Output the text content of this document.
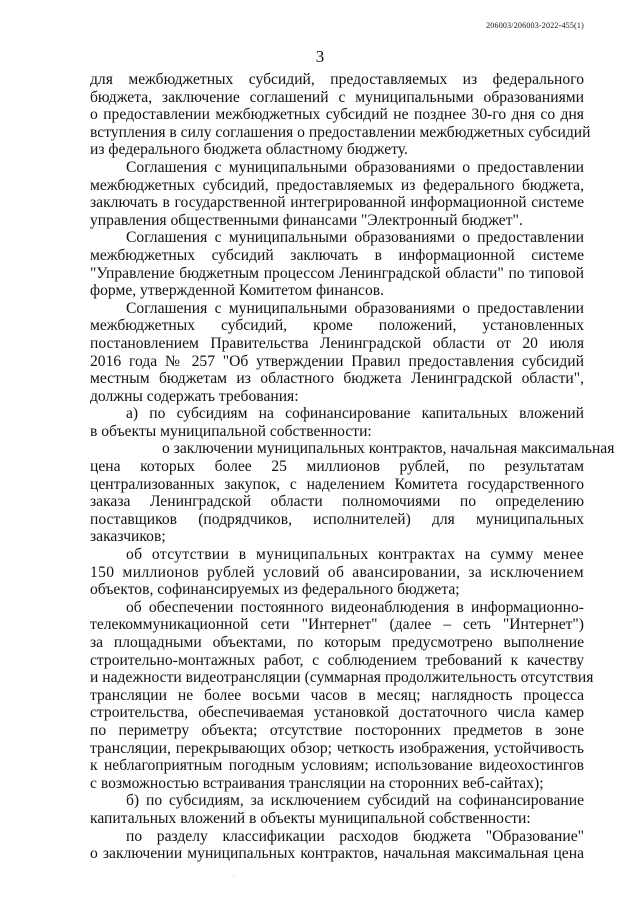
206003/206003-2022-455(1)
3
для межбюджетных субсидий, предоставляемых из федерального
бюджета, заключение соглашений с муниципальными образованиями
о предоставлении межбюджетных субсидий не позднее 30-го дня со дня
вступления в силу соглашения о предоставлении межбюджетных субсидий
из федерального бюджета областному бюджету.
Соглашения с муниципальными образованиями о предоставлении
межбюджетных субсидий, предоставляемых из федерального бюджета,
заключать в государственной интегрированной информационной системе
управления общественными финансами "Электронный бюджет".
Соглашения с муниципальными образованиями о предоставлении
межбюджетных субсидий заключать в информационной системе
"Управление бюджетным процессом Ленинградской области" по типовой
форме, утвержденной Комитетом финансов.
Соглашения с муниципальными образованиями о предоставлении
межбюджетных субсидий, кроме положений, установленных
постановлением Правительства Ленинградской области от 20 июля
2016 года № 257 "Об утверждении Правил предоставления субсидий
местным бюджетам из областного бюджета Ленинградской области",
должны содержать требования:
а) по субсидиям на софинансирование капитальных вложений
в объекты муниципальной собственности:
о заключении муниципальных контрактов, начальная максимальная
цена которых более 25 миллионов рублей, по результатам
централизованных закупок, с наделением Комитета государственного
заказа Ленинградской области полномочиями по определению
поставщиков (подрядчиков, исполнителей) для муниципальных
заказчиков;
об отсутствии в муниципальных контрактах на сумму менее
150 миллионов рублей условий об авансировании, за исключением
объектов, софинансируемых из федерального бюджета;
об обеспечении постоянного видеонаблюдения в информационно-
телекоммуникационной сети "Интернет" (далее – сеть "Интернет")
за площадными объектами, по которым предусмотрено выполнение
строительно-монтажных работ, с соблюдением требований к качеству
и надежности видеотрансляции (суммарная продолжительность отсутствия
трансляции не более восьми часов в месяц; наглядность процесса
строительства, обеспечиваемая установкой достаточного числа камер
по периметру объекта; отсутствие посторонних предметов в зоне
трансляции, перекрывающих обзор; четкость изображения, устойчивость
к неблагоприятным погодным условиям; использование видеохостингов
с возможностью встраивания трансляции на сторонних веб-сайтах);
б) по субсидиям, за исключением субсидий на софинансирование
капитальных вложений в объекты муниципальной собственности:
по разделу классификации расходов бюджета "Образование"
о заключении муниципальных контрактов, начальная максимальная цена
·
